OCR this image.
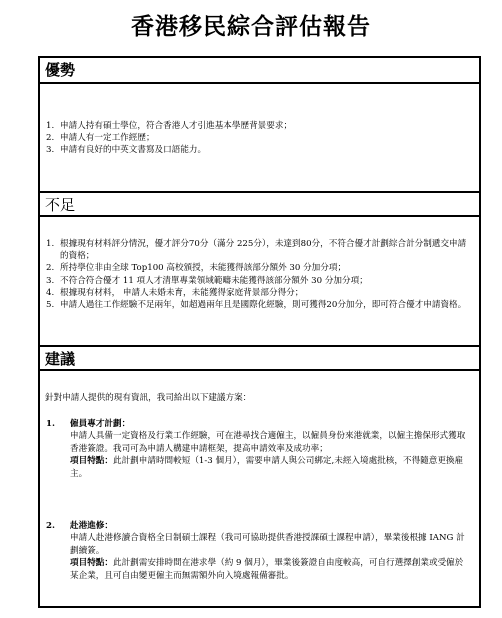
香港移民綜合評估報告
優勢
1. 申請人持有碩士學位，符合香港人才引進基本學歷背景要求；
2. 申請人有一定工作經歷；
3. 申請有良好的中英文書寫及口語能力。
不足
1. 根據現有材料評分情況，優才評分70分（滿分 225分），未達到80分，不符合優才計劃綜合計分制遞交申請的資格；
2. 所持學位非由全球 Top100 高校頒授，未能獲得該部分額外 30 分加分項；
3. 不符合符合優才 11 項人才清單專業領域範疇未能獲得該部分額外 30 分加分項；
4. 根據現有材料， 申請人未婚未育，未能獲得家庭背景部分得分；
5. 申請人過往工作經驗不足兩年，如超過兩年且是國際化經驗，則可獲得20分加分，即可符合優才申請資格。
建議
針對申請人提供的現有資訊，我司給出以下建議方案：
1.	僱員專才計劃：
申請人具備一定資格及行業工作經驗，可在港尋找合適僱主，以僱員身份來港就業，以僱主擔保形式獲取香港簽證。我司可為申請人構建申請框架，提高申請效率及成功率；
項目特點：此計劃申請時間較短（1-3 個月），需要申請人與公司綁定,未經入境處批核，不得隨意更換雇主。
2.	赴港進修：
申請人赴港修讀合資格全日制碩士課程（我司可協助提供香港授課碩士課程申請），畢業後根據 IANG 計劃續簽。
項目特點：此計劃需安排時間在港求學（約 9 個月），畢業後簽證自由度較高，可自行選擇創業或受僱於某企業，且可自由變更僱主而無需額外向入境處報備審批。
